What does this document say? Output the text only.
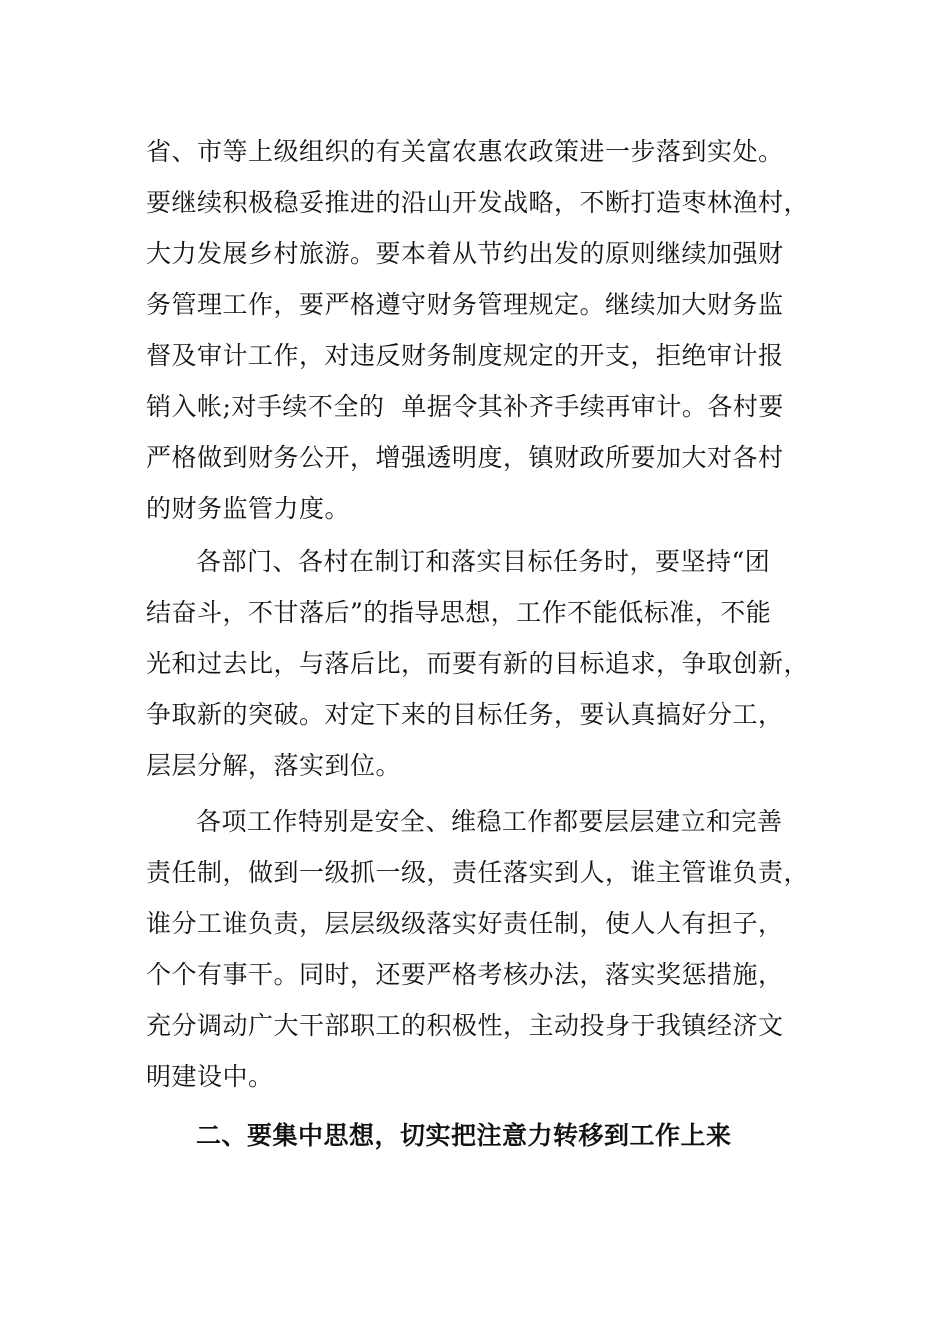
省、市等上级组织的有关富农惠农政策进一步落到实处。
要继续积极稳妥推进的沿山开发战略，不断打造枣林渔村，
大力发展乡村旅游。要本着从节约出发的原则继续加强财
务管理工作，要严格遵守财务管理规定。继续加大财务监
督及审计工作，对违反财务制度规定的开支，拒绝审计报
销入帐;对手续不全的  单据令其补齐手续再审计。各村要
严格做到财务公开，增强透明度，镇财政所要加大对各村
的财务监管力度。

各部门、各村在制订和落实目标任务时，要坚持“团
结奋斗，不甘落后”的指导思想，工作不能低标准，不能
光和过去比，与落后比，而要有新的目标追求，争取创新，
争取新的突破。对定下来的目标任务，要认真搞好分工，
层层分解，落实到位。

各项工作特别是安全、维稳工作都要层层建立和完善
责任制，做到一级抓一级，责任落实到人，谁主管谁负责，
谁分工谁负责，层层级级落实好责任制，使人人有担子，
个个有事干。同时，还要严格考核办法，落实奖惩措施，
充分调动广大干部职工的积极性，主动投身于我镇经济文
明建设中。

二、要集中思想，切实把注意力转移到工作上来
